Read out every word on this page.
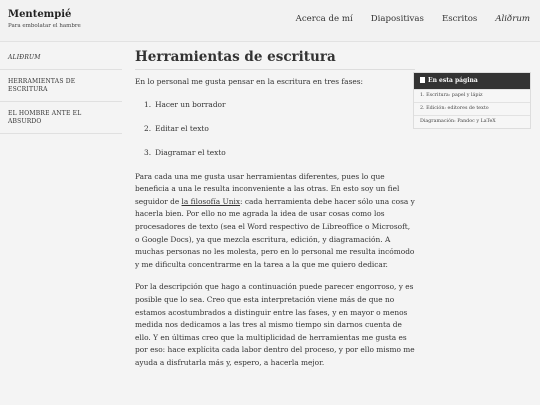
Mentempié
Para embolatar el hambre
Acerca de mí Diapositivas Escritos Aliðrum
ALIÐRUM
HERRAMIENTAS DE ESCRITURA
EL HOMBRE ANTE EL ABSURDO
Herramientas de escritura

En lo personal me gusta pensar en la escritura en tres fases:

1. Hacer un borrador
2. Editar el texto
3. Diagramar el texto

Para cada una me gusta usar herramientas diferentes, pues lo que beneficia a una le resulta inconveniente a las otras. En esto soy un fiel seguidor de la filosofía Unix: cada herramienta debe hacer sólo una cosa y hacerla bien. Por ello no me agrada la idea de usar cosas como los procesadores de texto (sea el Word respectivo de Libreoffice o Microsoft, o Google Docs), ya que mezcla escritura, edición, y diagramación. A muchas personas no les molesta, pero en lo personal me resulta incómodo y me dificulta concentrarme en la tarea a la que me quiero dedicar.

Por la descripción que hago a continuación puede parecer engorroso, y es posible que lo sea. Creo que esta interpretación viene más de que no estamos acostumbrados a distinguir entre las fases, y en mayor o menos medida nos dedicamos a las tres al mismo tiempo sin darnos cuenta de ello. Y en últimas creo que la multiplicidad de herramientas me gusta es por eso: hace explícita cada labor dentro del proceso, y por ello mismo me ayuda a disfrutarla más y, espero, a hacerla mejor.

En esta página
1. Escritura: papel y lápiz
2. Edición: editores de texto
Diagramación: Pandoc y LaTeX
